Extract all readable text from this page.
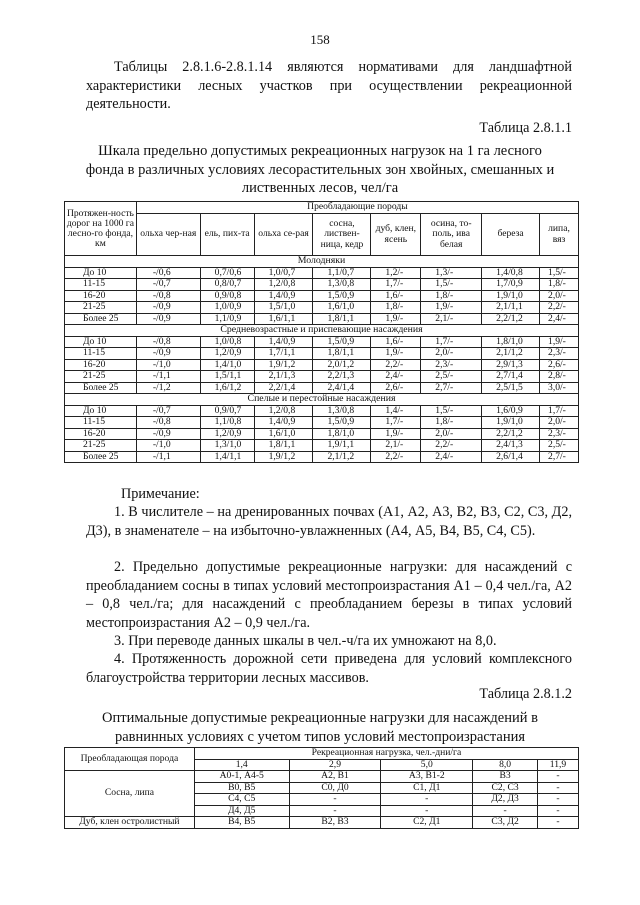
158
Таблицы 2.8.1.6-2.8.1.14 являются нормативами для ландшафтной характеристики лесных участков при осуществлении рекреационной деятельности.
Таблица 2.8.1.1
Шкала предельно допустимых рекреационных нагрузок на 1 га лесного
фонда в различных условиях лесорастительных зон хвойных, смешанных и
лиственных лесов, чел/га
Протяжен-ность дорог на 1000 га лесно-го фонда, км	Преобладающие породы							
	ольха чер-ная	ель, пих-та	ольха се-рая	сосна, листвен-ница, кедр	дуб, клен, ясень	осина, то-поль, ива белая	береза	липа, вяз
Молодняки								
До 10	-/0,6	0,7/0,6	1,0/0,7	1,1/0,7	1,2/-	1,3/-	1,4/0,8	1,5/-
11-15	-/0,7	0,8/0,7	1,2/0,8	1,3/0,8	1,7/-	1,5/-	1,7/0,9	1,8/-
16-20	-/0,8	0,9/0,8	1,4/0,9	1,5/0,9	1,6/-	1,8/-	1,9/1,0	2,0/-
21-25	-/0,9	1,0/0,9	1,5/1,0	1,6/1,0	1,8/-	1,9/-	2,1/1,1	2,2/-
Более 25	-/0,9	1,1/0,9	1,6/1,1	1,8/1,1	1,9/-	2,1/-	2,2/1,2	2,4/-
Средневозрастные и приспевающие насаждения								
До 10	-/0,8	1,0/0,8	1,4/0,9	1,5/0,9	1,6/-	1,7/-	1,8/1,0	1,9/-
11-15	-/0,9	1,2/0,9	1,7/1,1	1,8/1,1	1,9/-	2,0/-	2,1/1,2	2,3/-
16-20	-/1,0	1,4/1,0	1,9/1,2	2,0/1,2	2,2/-	2,3/-	2,9/1,3	2,6/-
21-25	-/1,1	1,5/1,1	2,1/1,3	2,2/1,3	2,4/-	2,5/-	2,7/1,4	2,8/-
Более 25	-/1,2	1,6/1,2	2,2/1,4	2,4/1,4	2,6/-	2,7/-	2,5/1,5	3,0/-
Спелые и перестойные насаждения								
До 10	-/0,7	0,9/0,7	1,2/0,8	1,3/0,8	1,4/-	1,5/-	1,6/0,9	1,7/-
11-15	-/0,8	1,1/0,8	1,4/0,9	1,5/0,9	1,7/-	1,8/-	1,9/1,0	2,0/-
16-20	-/0,9	1,2/0,9	1,6/1,0	1,8/1,0	1,9/-	2,0/-	2,2/1,2	2,3/-
21-25	-/1,0	1,3/1,0	1,8/1,1	1,9/1,1	2,1/-	2,2/-	2,4/1,3	2,5/-
Более 25	-/1,1	1,4/1,1	1,9/1,2	2,1/1,2	2,2/-	2,4/-	2,6/1,4	2,7/-
Примечание:
1. В числителе – на дренированных почвах (А1, А2, А3, В2, В3, С2, С3, Д2, Д3), в знаменателе – на избыточно-увлажненных (А4, А5, В4, В5, С4, С5).
2. Предельно допустимые рекреационные нагрузки: для насаждений с преобладанием сосны в типах условий местопроизрастания А1 – 0,4 чел./га, А2 – 0,8 чел./га; для насаждений с преобладанием березы в типах условий местопроизрастания А2 – 0,9 чел./га.
3. При переводе данных шкалы в чел.-ч/га их умножают на 8,0.
4. Протяженность дорожной сети приведена для условий комплексного благоустройства территории лесных массивов.
Таблица 2.8.1.2
Оптимальные допустимые рекреационные нагрузки для насаждений в
равнинных условиях с учетом типов условий местопроизрастания
Преобладающая порода	Рекреационная нагрузка, чел.-дни/га				
	1,4	2,9	5,0	8,0	11,9
Сосна, липа	А0-1, А4-5	А2, В1	А3, В1-2	В3	-
	В0, В5	С0, Д0	С1, Д1	С2, С3	-
	С4, С5	-	-	Д2, Д3	-
	Д4, Д5	-	-	-	-
Дуб, клен остролистный	В4, В5	В2, В3	С2, Д1	С3, Д2	-
